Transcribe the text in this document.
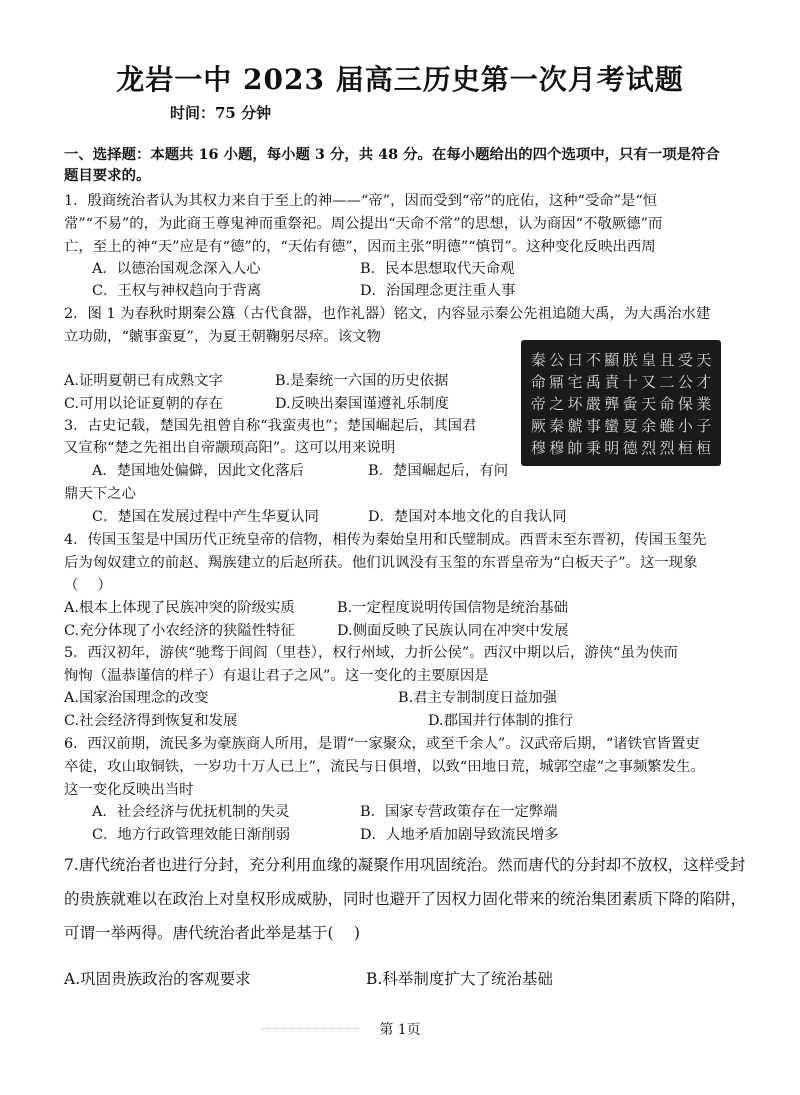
龙岩一中 2023 届高三历史第一次月考试题
时间：75 分钟
一、选择题：本题共 16 小题，每小题 3 分，共 48 分。在每小题给出的四个选项中，只有一项是符合
题目要求的。
1．殷商统治者认为其权力来自于至上的神——“帝”，因而受到“帝”的庇佑，这种“受命”是“恒
常”“不易”的，为此商王尊鬼神而重祭祀。周公提出“天命不常”的思想，认为商因“不敬厥德”而
亡，至上的神“天”应是有“德”的，“天佑有德”，因而主张“明德”“慎罚”。这种变化反映出西周
A．以德治国观念深入人心	B．民本思想取代天命观
C．王权与神权趋向于背离	D．治国理念更注重人事
2．图 1 为春秋时期秦公簋（古代食器，也作礼器）铭文，内容显示秦公先祖追随大禹，为大禹治水建
立功勋，“虩事蛮夏”，为夏王朝鞠躬尽瘁。该文物
A.证明夏朝已有成熟文字	B.是秦统一六国的历史依据
C.可用以论证夏朝的存在	D.反映出秦国谨遵礼乐制度
秦 公 曰 不 顯 朕 皇 且 受 天
命 鼏 宅 禹 責 十 又 二 公 才
帝 之 坏 嚴 龏 夤 天 命 保 業
厥 秦 虩 事 蠻 夏 余 雖 小 子
穆 穆 帥 秉 明 德 烈 烈 桓 桓
3．古史记载，楚国先祖曾自称“我蛮夷也”；楚国崛起后，其国君
又宣称“楚之先祖出自帝颛顼高阳”。这可以用来说明
A．楚国地处偏僻，因此文化落后	B．楚国崛起后，有问
鼎天下之心
C．楚国在发展过程中产生华夏认同	D．楚国对本地文化的自我认同
4．传国玉玺是中国历代正统皇帝的信物，相传为秦始皇用和氏璧制成。西晋末至东晋初，传国玉玺先
后为匈奴建立的前赵、羯族建立的后赵所获。他们讥讽没有玉玺的东晋皇帝为“白板天子”。这一现象
（　 ）
A.根本上体现了民族冲突的阶级实质	B.一定程度说明传国信物是统治基础
C.充分体现了小农经济的狭隘性特征	D.侧面反映了民族认同在冲突中发展
5．西汉初年，游侠“驰骛于闾阎（里巷），权行州域，力折公侯”。西汉中期以后，游侠“虽为侠而
恂恂（温恭谨信的样子）有退让君子之风”。这一变化的主要原因是
A.国家治国理念的改变	B.君主专制制度日益加强
C.社会经济得到恢复和发展	D.郡国并行体制的推行
6．西汉前期，流民多为豪族商人所用，是谓“一家聚众，或至千余人”。汉武帝后期，“诸铁官皆置吏
卒徒，攻山取铜铁，一岁功十万人已上”，流民与日俱增，以致“田地日荒，城郭空虚”之事频繁发生。
这一变化反映出当时
A．社会经济与优抚机制的失灵	B．国家专营政策存在一定弊端
C．地方行政管理效能日渐削弱	D．人地矛盾加剧导致流民增多
7.唐代统治者也进行分封，充分利用血缘的凝聚作用巩固统治。然而唐代的分封却不放权，这样受封
的贵族就难以在政治上对皇权形成威胁，同时也避开了因权力固化带来的统治集团素质下降的陷阱，
可谓一举两得。唐代统治者此举是基于(　 )
A.巩固贵族政治的客观要求	B.科举制度扩大了统治基础
第 1页
